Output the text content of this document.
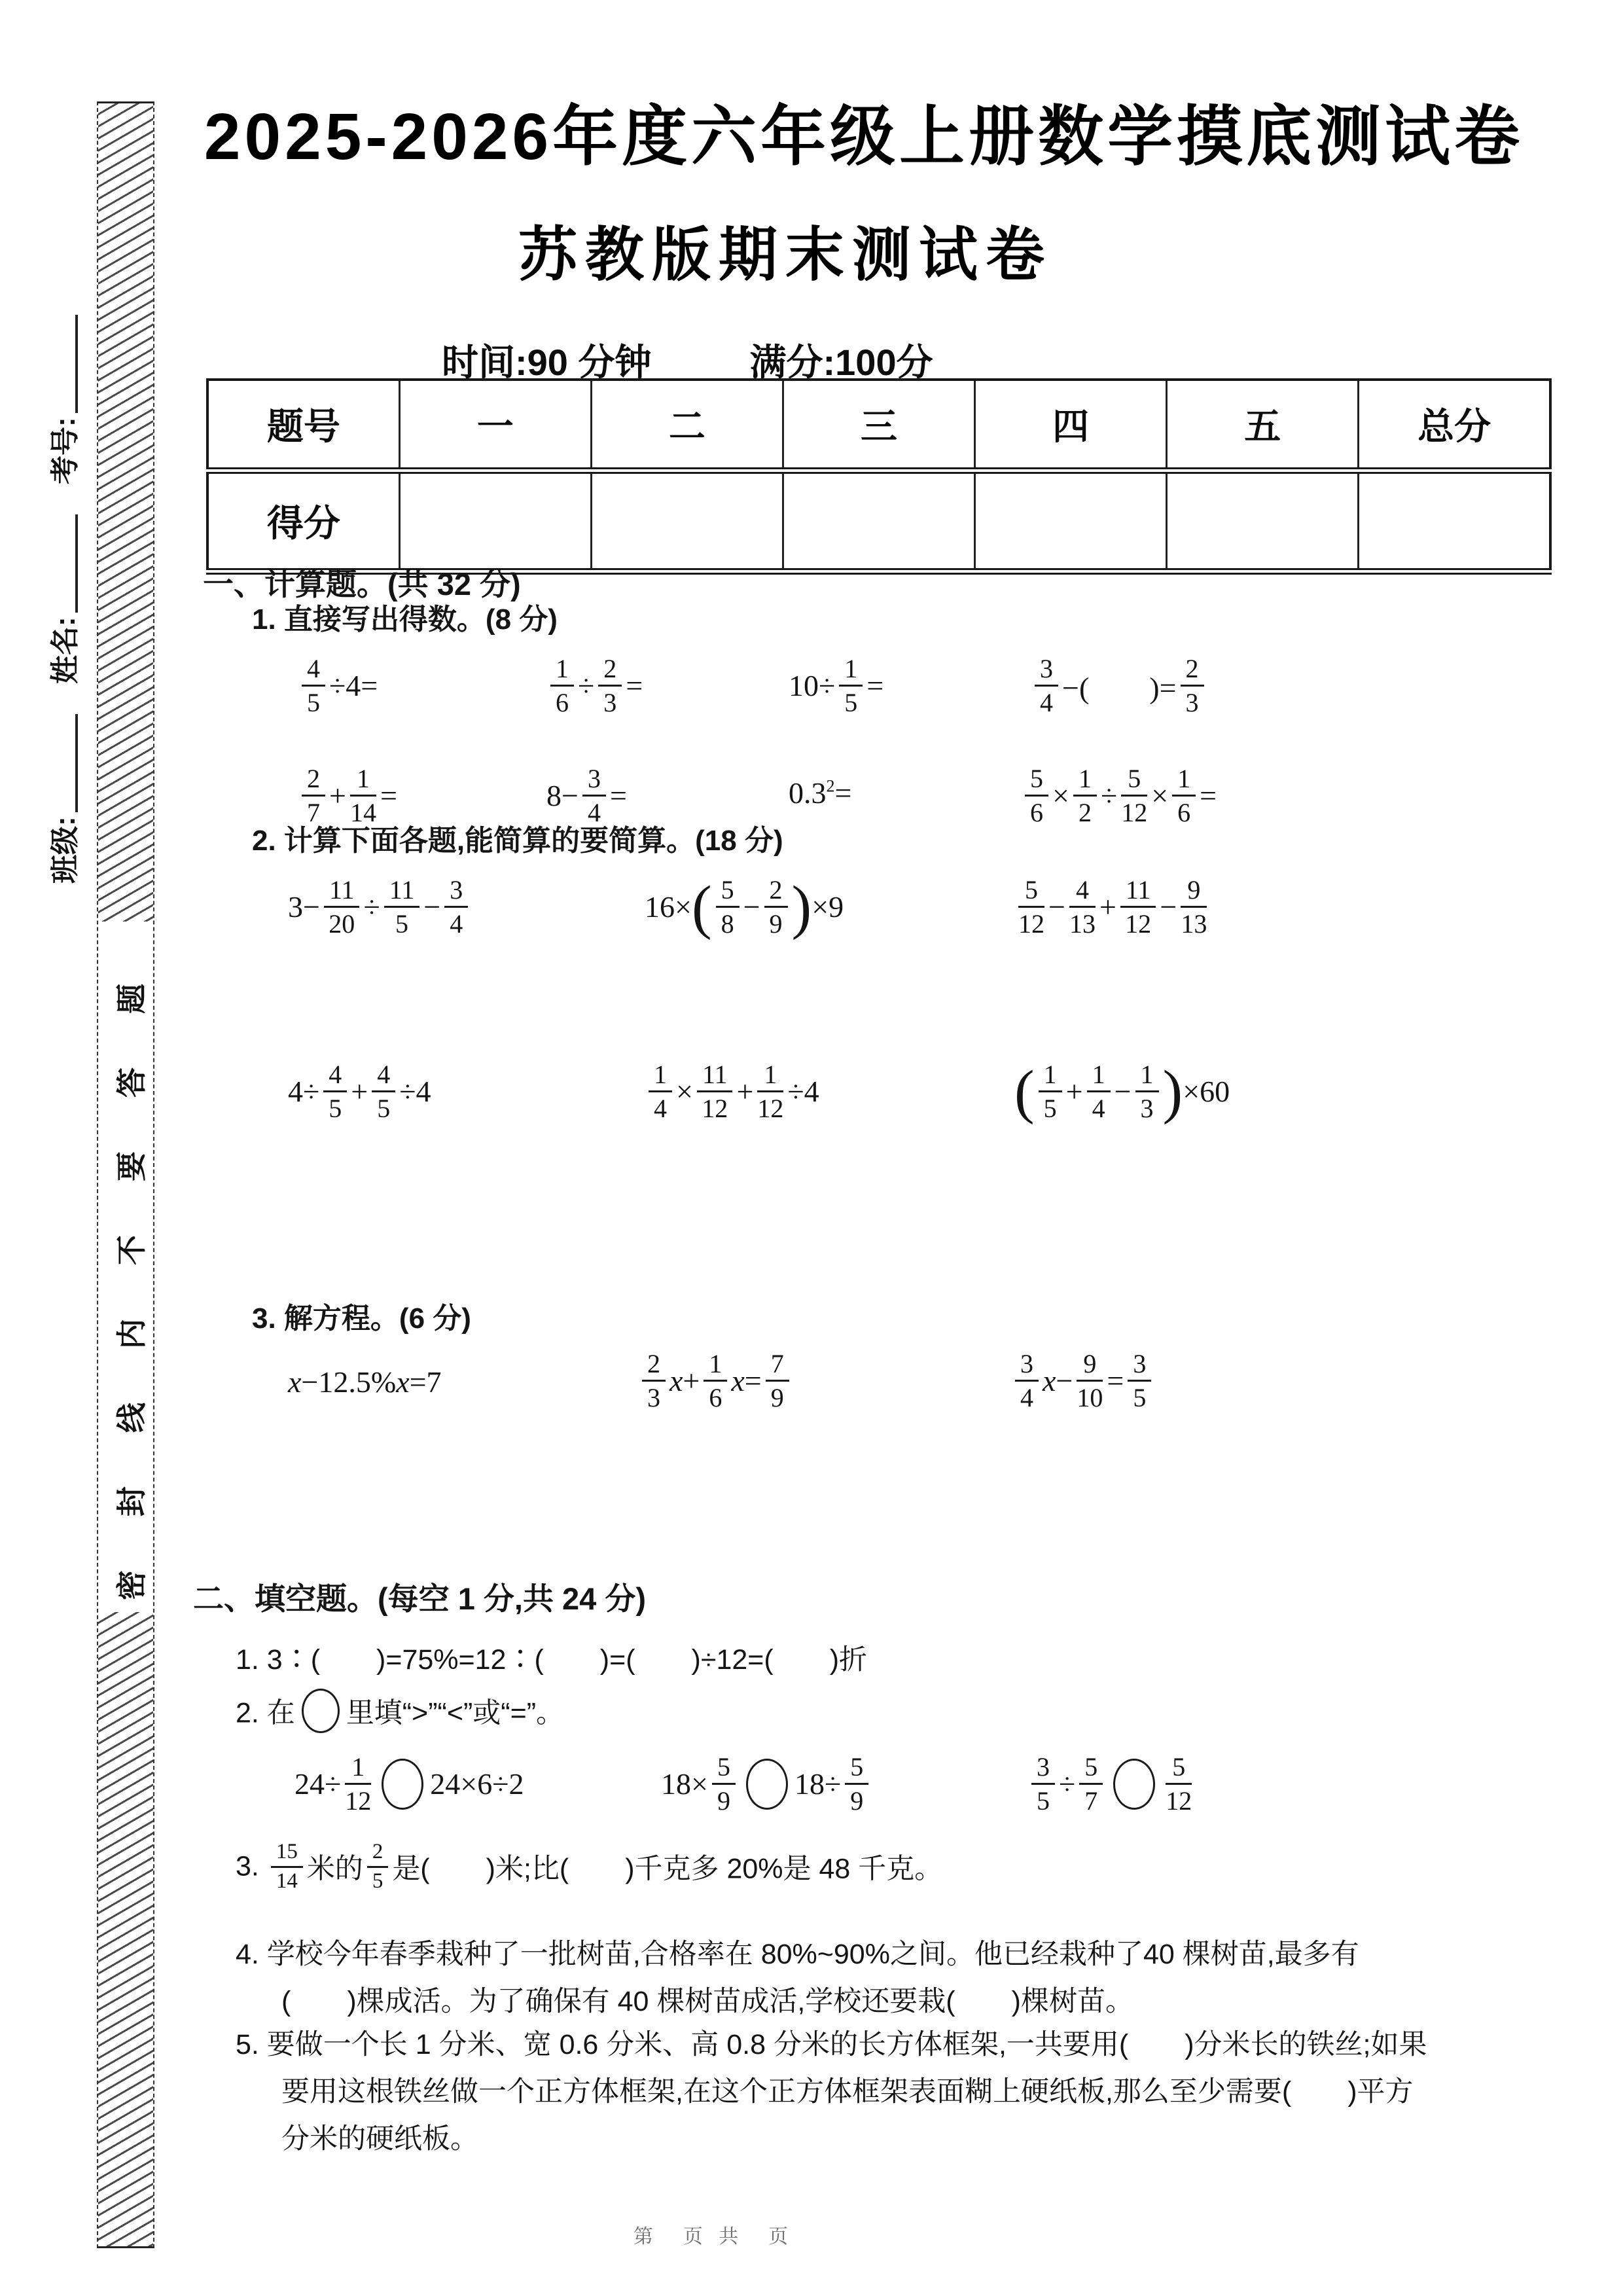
考号:
姓名:
班级:
密封线内不要答题
2025-2026年度六年级上册数学摸底测试卷
苏教版期末测试卷
时间:90 分钟	满分:100分
题号	一	二	三	四	五	总分
得分						
一、计算题。(共 32 分)
1. 直接写出得数。(8 分)
$\frac{4}{5} \div 4=$	$\frac{1}{6} \div \frac{2}{3}$ =	$10\div \frac{1}{5}$ =	$\frac{3}{4}$ −(　　)= $\frac{2}{3}$
$\frac{2}{7} + \frac{1}{14}$ =	$8- \frac{3}{4}$ =	$0.3^2=$	$\frac{5}{6} \times \frac{1}{2} \div \frac{5}{12} \times \frac{1}{6}$ =
2. 计算下面各题,能简算的要简算。(18 分)
$3- \frac{11}{20} \div \frac{11}{5} - \frac{3}{4}$	$16\times( \frac{5}{8} - \frac{2}{9} )\times 9$	$\frac{5}{12} - \frac{4}{13} + \frac{11}{12} - \frac{9}{13}$
$4\div \frac{4}{5} + \frac{4}{5} \div 4$	$\frac{1}{4} \times \frac{11}{12} + \frac{1}{12} \div 4$	( $\frac{1}{5} + \frac{1}{4} - \frac{1}{3} )\times 60$
3. 解方程。(6 分)
x−12.5%x=7	$\frac{2}{3} x+ \frac{1}{6} x= \frac{7}{9}$	$\frac{3}{4} x- \frac{9}{10} = \frac{3}{5}$
二、填空题。(每空 1 分,共 24 分)
1. 3∶(　　)=75%=12∶(　　)=(　　)÷12=(　　)折
2. 在 里填“>”“<”或“=”。
$24\div \frac{1}{12} 24\times 6\div 2$	$18\times \frac{5}{9} 18\div \frac{5}{9}$	$\frac{3}{5} \div \frac{5}{7} \frac{5}{12}$
3. $\frac{15}{14}$ 米的 $\frac{2}{5}$ 是(　　)米;比(　　)千克多 20%是 48 千克。
4. 学校今年春季栽种了一批树苗,合格率在 80%~90%之间。他已经栽种了40 棵树苗,最多有
(　　)棵成活。为了确保有 40 棵树苗成活,学校还要栽(　　)棵树苗。
5. 要做一个长 1 分米、宽 0.6 分米、高 0.8 分米的长方体框架,一共要用(　　)分米长的铁丝;如果
要用这根铁丝做一个正方体框架,在这个正方体框架表面糊上硬纸板,那么至少需要(　　)平方
分米的硬纸板。
第　页 共　页
